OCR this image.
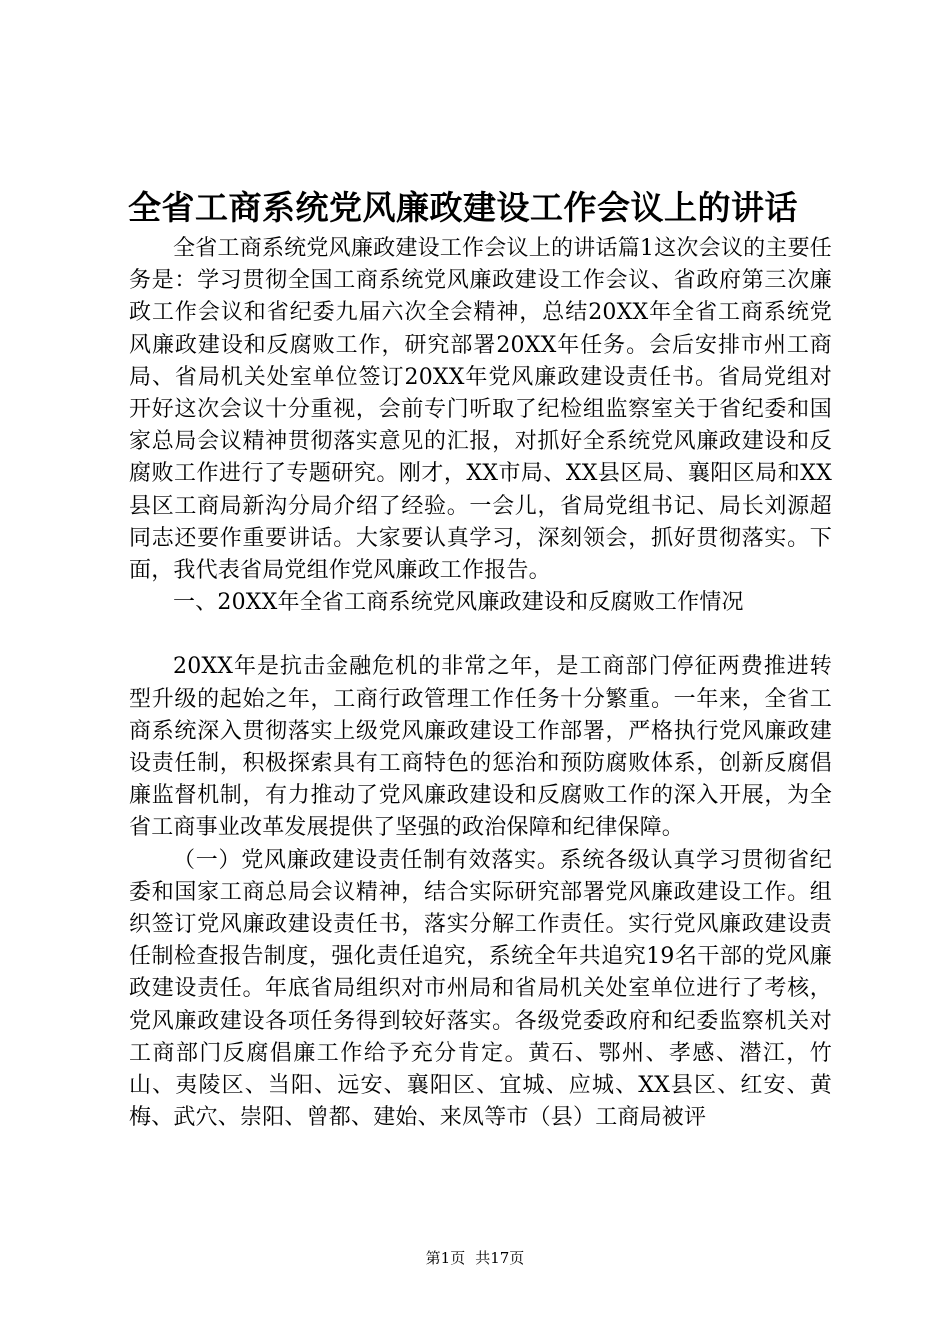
全省工商系统党风廉政建设工作会议上的讲话

全省工商系统党风廉政建设工作会议上的讲话篇1这次会议的主要任务是：学习贯彻全国工商系统党风廉政建设工作会议、省政府第三次廉政工作会议和省纪委九届六次全会精神，总结20XX年全省工商系统党风廉政建设和反腐败工作，研究部署20XX年任务。会后安排市州工商局、省局机关处室单位签订20XX年党风廉政建设责任书。省局党组对开好这次会议十分重视，会前专门听取了纪检组监察室关于省纪委和国家总局会议精神贯彻落实意见的汇报，对抓好全系统党风廉政建设和反腐败工作进行了专题研究。刚才，XX市局、XX县区局、襄阳区局和XX县区工商局新沟分局介绍了经验。一会儿，省局党组书记、局长刘源超同志还要作重要讲话。大家要认真学习，深刻领会，抓好贯彻落实。下面，我代表省局党组作党风廉政工作报告。

一、20XX年全省工商系统党风廉政建设和反腐败工作情况

20XX年是抗击金融危机的非常之年，是工商部门停征两费推进转型升级的起始之年，工商行政管理工作任务十分繁重。一年来，全省工商系统深入贯彻落实上级党风廉政建设工作部署，严格执行党风廉政建设责任制，积极探索具有工商特色的惩治和预防腐败体系，创新反腐倡廉监督机制，有力推动了党风廉政建设和反腐败工作的深入开展，为全省工商事业改革发展提供了坚强的政治保障和纪律保障。

（一）党风廉政建设责任制有效落实。系统各级认真学习贯彻省纪委和国家工商总局会议精神，结合实际研究部署党风廉政建设工作。组织签订党风廉政建设责任书，落实分解工作责任。实行党风廉政建设责任制检查报告制度，强化责任追究，系统全年共追究19名干部的党风廉政建设责任。年底省局组织对市州局和省局机关处室单位进行了考核，党风廉政建设各项任务得到较好落实。各级党委政府和纪委监察机关对工商部门反腐倡廉工作给予充分肯定。黄石、鄂州、孝感、潜江，竹山、夷陵区、当阳、远安、襄阳区、宜城、应城、XX县区、红安、黄梅、武穴、崇阳、曾都、建始、来凤等市（县）工商局被评

第1页 共17页
